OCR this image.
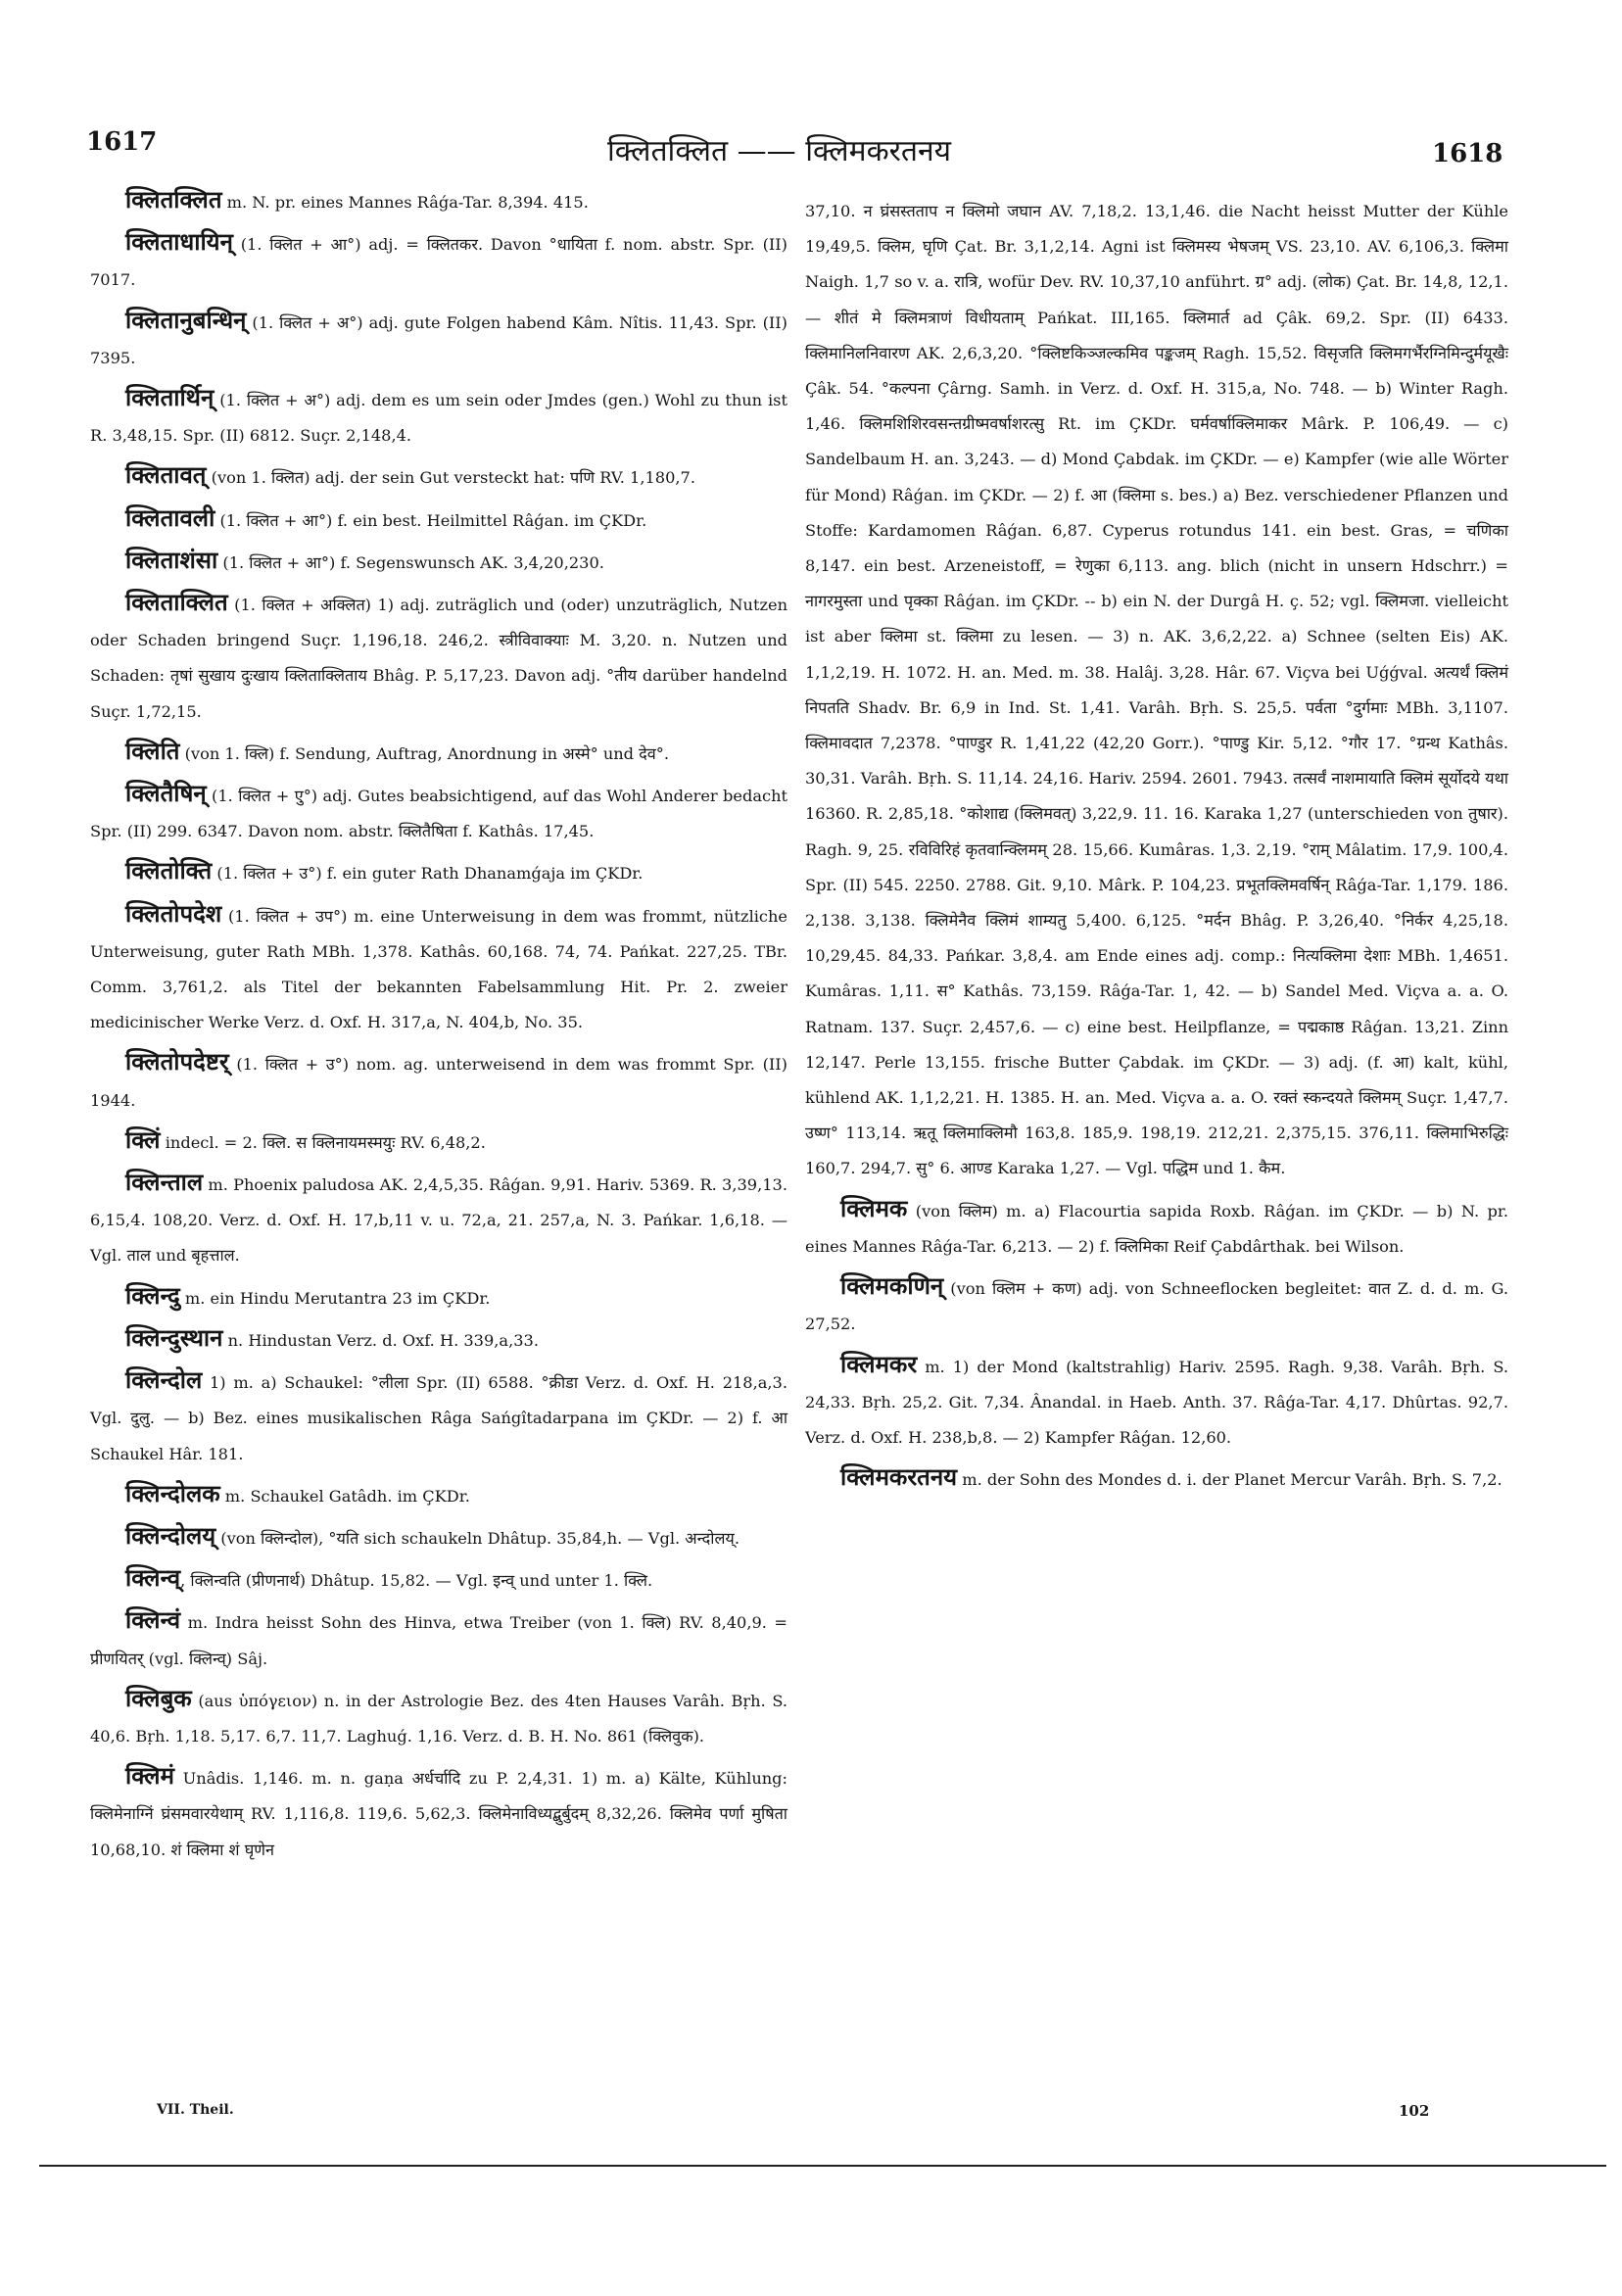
1617	क्लितक्लित —— क्लिमकरतनय	1618

क्लितक्लित m. N. pr. eines Mannes Râǵa-Tar. 8,394. 415.

क्लिताधायिन् (1. क्लित + आ°) adj. = क्लितकर. Davon °धायिता f. nom. abstr. Spr. (II) 7017.

क्लितानुबन्धिन् (1. क्लित + अ°) adj. gute Folgen habend Kâm. Nîtis. 11,43. Spr. (II) 7395.

क्लितार्थिन् (1. क्लित + अ°) adj. dem es um sein oder Jmdes (gen.) Wohl zu thun ist R. 3,48,15. Spr. (II) 6812. Suçr. 2,148,4.

क्लितावत् (von 1. क्लित) adj. der sein Gut versteckt hat: पणि RV. 1,180,7.

क्लितावली (1. क्लित + आ°) f. ein best. Heilmittel Râǵan. im ÇKDr.

क्लिताशंसा (1. क्लित + आ°) f. Segenswunsch AK. 3,4,20,230.

क्लिताक्लित (1. क्लित + अक्लित) 1) adj. zuträglich und (oder) unzuträglich, Nutzen oder Schaden bringend Suçr. 1,196,18. 246,2. स्त्रीविवाक्याः M. 3,20. n. Nutzen und Schaden: तृषां सुखाय दुःखाय क्लिताक्लिताय Bhâg. P. 5,17,23. Davon adj. °तीय darüber handelnd Suçr. 1,72,15.

क्लिति (von 1. क्लि) f. Sendung, Auftrag, Anordnung in अस्मे° und देव°.

क्लितैषिन् (1. क्लित + एु°) adj. Gutes beabsichtigend, auf das Wohl Anderer bedacht Spr. (II) 299. 6347. Davon nom. abstr. क्लितैषिता f. Kathâs. 17,45.

क्लितोक्ति (1. क्लित + उ°) f. ein guter Rath Dhanamǵaja im ÇKDr.

क्लितोपदेश (1. क्लित + उप°) m. eine Unterweisung in dem was frommt, nützliche Unterweisung, guter Rath MBh. 1,378. Kathâs. 60,168. 74, 74. Pańkat. 227,25. TBr. Comm. 3,761,2. als Titel der bekannten Fabelsammlung Hit. Pr. 2. zweier medicinischer Werke Verz. d. Oxf. H. 317,a, N. 404,b, No. 35.

क्लितोपदेष्टर् (1. क्लित + उ°) nom. ag. unterweisend in dem was frommt Spr. (II) 1944.

क्लिं indecl. = 2. क्लि. स क्लिनायमस्मयुः RV. 6,48,2.

क्लिन्ताल m. Phoenix paludosa AK. 2,4,5,35. Râǵan. 9,91. Hariv. 5369. R. 3,39,13. 6,15,4. 108,20. Verz. d. Oxf. H. 17,b,11 v. u. 72,a, 21. 257,a, N. 3. Pańkar. 1,6,18. — Vgl. ताल und बृहत्ताल.

क्लिन्दु m. ein Hindu Merutantra 23 im ÇKDr.

क्लिन्दुस्थान n. Hindustan Verz. d. Oxf. H. 339,a,33.

क्लिन्दोल 1) m. a) Schaukel: °लीला Spr. (II) 6588. °क्रीडा Verz. d. Oxf. H. 218,a,3. Vgl. दुलु. — b) Bez. eines musikalischen Râga Sańgîtadarpana im ÇKDr. — 2) f. आ Schaukel Hâr. 181.

क्लिन्दोलक m. Schaukel Gatâdh. im ÇKDr.

क्लिन्दोलय् (von क्लिन्दोल), °यति sich schaukeln Dhâtup. 35,84,h. — Vgl. अन्दोलय्.

क्लिन्व्, क्लिन्वति (प्रीणनार्थ) Dhâtup. 15,82. — Vgl. इन्व् und unter 1. क्लि.

क्लिन्वं m. Indra heisst Sohn des Hinva, etwa Treiber (von 1. क्लि) RV. 8,40,9. = प्रीणयितर् (vgl. क्लिन्व्) Sâj.

क्लिबुक (aus ὑπόγειον) n. in der Astrologie Bez. des 4ten Hauses Varâh. Bṛh. S. 40,6. Bṛh. 1,18. 5,17. 6,7. 11,7. Laghuǵ. 1,16. Verz. d. B. H. No. 861 (क्लिवुक).

क्लिमं Unâdis. 1,146. m. n. gaṇa अर्धर्चादि zu P. 2,4,31. 1) m. a) Kälte, Kühlung: क्लिमेनाग्निं घ्रंसमवारयेथाम् RV. 1,116,8. 119,6. 5,62,3. क्लिमेनाविध्यद्बुर्बुदम् 8,32,26. क्लिमेव पर्णा मुषिता 10,68,10. शं क्लिमा शं घृणेन

37,10. न घ्रंसस्तताप न क्लिमो जघान AV. 7,18,2. 13,1,46. die Nacht heisst Mutter der Kühle 19,49,5. क्लिम, घृणि Çat. Br. 3,1,2,14. Agni ist क्लिमस्य भेषजम् VS. 23,10. AV. 6,106,3. क्लिमा Naigh. 1,7 so v. a. रात्रि, wofür Dev. RV. 10,37,10 anführt. ग्र° adj. (लोक) Çat. Br. 14,8, 12,1. — शीतं मे क्लिमत्राणं विधीयताम् Pańkat. III,165. क्लिमार्त ad Çâk. 69,2. Spr. (II) 6433. क्लिमानिलनिवारण AK. 2,6,3,20. °क्लिष्टकिञ्जल्कमिव पङ्कजम् Ragh. 15,52. विसृजति क्लिमगर्भैरग्निमिन्दुर्मयूखैः Çâk. 54. °कल्पना Çârng. Samh. in Verz. d. Oxf. H. 315,a, No. 748. — b) Winter Ragh. 1,46. क्लिमशिशिरवसन्तग्रीष्मवर्षाशरत्सु Rt. im ÇKDr. घर्मवर्षाक्लिमाकर Mârk. P. 106,49. — c) Sandelbaum H. an. 3,243. — d) Mond Çabdak. im ÇKDr. — e) Kampfer (wie alle Wörter für Mond) Râǵan. im ÇKDr. — 2) f. आ (क्लिमा s. bes.) a) Bez. verschiedener Pflanzen und Stoffe: Kardamomen Râǵan. 6,87. Cyperus rotundus 141. ein best. Gras, = चणिका 8,147. ein best. Arzeneistoff, = रेणुका 6,113. ang. blich (nicht in unsern Hdschrr.) = नागरमुस्ता und पृक्का Râǵan. im ÇKDr. -- b) ein N. der Durgâ H. ç. 52; vgl. क्लिमजा. vielleicht ist aber क्लिमा st. क्लिमा zu lesen. — 3) n. AK. 3,6,2,22. a) Schnee (selten Eis) AK. 1,1,2,19. H. 1072. H. an. Med. m. 38. Halâj. 3,28. Hâr. 67. Viçva bei Uǵǵval. अत्यर्थं क्लिमं निपतति Shadv. Br. 6,9 in Ind. St. 1,41. Varâh. Bṛh. S. 25,5. पर्वता °दुर्गमाः MBh. 3,1107. क्लिमावदात 7,2378. °पाण्डुर R. 1,41,22 (42,20 Gorr.). °पाण्डु Kir. 5,12. °गौर 17. °ग्रन्थ Kathâs. 30,31. Varâh. Bṛh. S. 11,14. 24,16. Hariv. 2594. 2601. 7943. तत्सर्वं नाशमायाति क्लिमं सूर्योदये यथा 16360. R. 2,85,18. °कोशाद्य (क्लिमवत्) 3,22,9. 11. 16. Karaka 1,27 (unterschieden von तुषार). Ragh. 9, 25. रविविरिहं कृतवान्क्लिमम् 28. 15,66. Kumâras. 1,3. 2,19. °राम् Mâlatim. 17,9. 100,4. Spr. (II) 545. 2250. 2788. Git. 9,10. Mârk. P. 104,23. प्रभूतक्लिमवर्षिन् Râǵa-Tar. 1,179. 186. 2,138. 3,138. क्लिमेनैव क्लिमं शाम्यतु 5,400. 6,125. °मर्दन Bhâg. P. 3,26,40. °निर्कर 4,25,18. 10,29,45. 84,33. Pańkar. 3,8,4. am Ende eines adj. comp.: नित्यक्लिमा देशाः MBh. 1,4651. Kumâras. 1,11. स° Kathâs. 73,159. Râǵa-Tar. 1, 42. — b) Sandel Med. Viçva a. a. O. Ratnam. 137. Suçr. 2,457,6. — c) eine best. Heilpflanze, = पद्मकाष्ठ Râǵan. 13,21. Zinn 12,147. Perle 13,155. frische Butter Çabdak. im ÇKDr. — 3) adj. (f. आ) kalt, kühl, kühlend AK. 1,1,2,21. H. 1385. H. an. Med. Viçva a. a. O. रक्तं स्कन्दयते क्लिमम् Suçr. 1,47,7. उष्ण° 113,14. ऋतू क्लिमाक्लिमौ 163,8. 185,9. 198,19. 212,21. 2,375,15. 376,11. क्लिमाभिरुद्धिः 160,7. 294,7. सु° 6. आण्ड Karaka 1,27. — Vgl. पद्धिम und 1. कैम.

क्लिमक (von क्लिम) m. a) Flacourtia sapida Roxb. Râǵan. im ÇKDr. — b) N. pr. eines Mannes Râǵa-Tar. 6,213. — 2) f. क्लिमिका Reif Çabdârthak. bei Wilson.

क्लिमकणिन् (von क्लिम + कण) adj. von Schneeflocken begleitet: वात Z. d. d. m. G. 27,52.

क्लिमकर m. 1) der Mond (kaltstrahlig) Hariv. 2595. Ragh. 9,38. Varâh. Bṛh. S. 24,33. Bṛh. 25,2. Git. 7,34. Ânandal. in Haeb. Anth. 37. Râǵa-Tar. 4,17. Dhûrtas. 92,7. Verz. d. Oxf. H. 238,b,8. — 2) Kampfer Râǵan. 12,60.

क्लिमकरतनय m. der Sohn des Mondes d. i. der Planet Mercur Varâh. Bṛh. S. 7,2.

VII. Theil.	102
